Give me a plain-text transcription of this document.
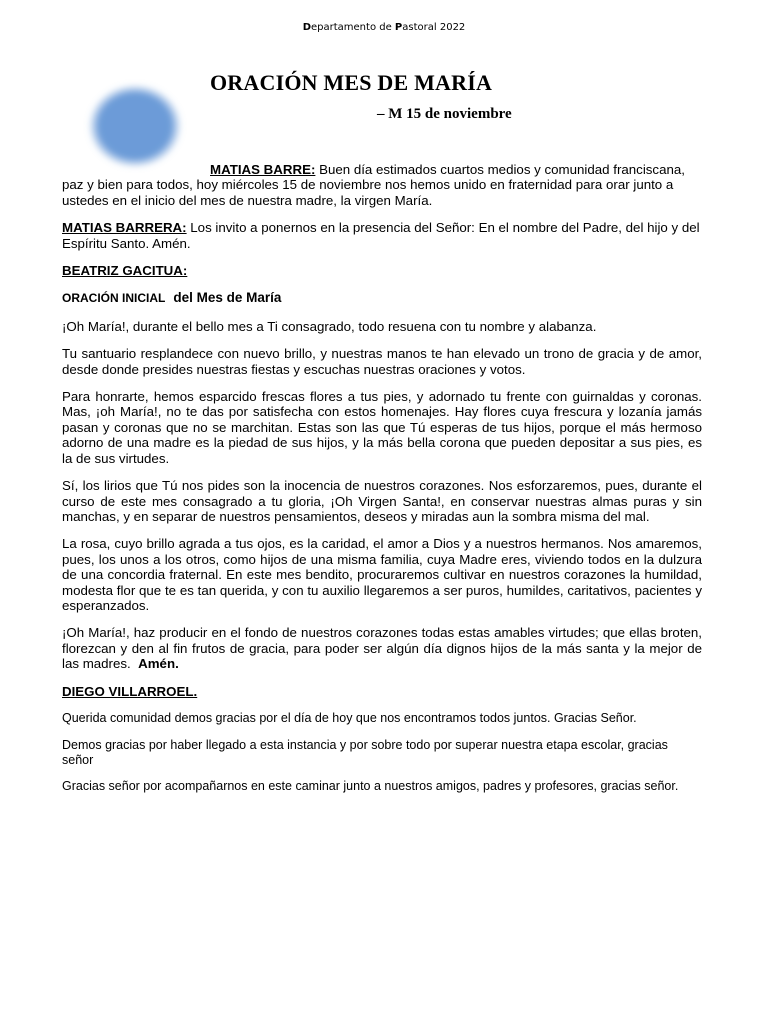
Departamento de Pastoral 2022
ORACIÓN MES DE MARÍA
– M 15 de noviembre

MATIAS BARRE: Buen día estimados cuartos medios y comunidad franciscana, paz y bien para todos, hoy miércoles 15 de noviembre nos hemos unido en fraternidad para orar junto a ustedes en el inicio del mes de nuestra madre, la virgen María.

MATIAS BARRERA: Los invito a ponernos en la presencia del Señor: En el nombre del Padre, del hijo y del Espíritu Santo. Amén.

BEATRIZ GACITUA:

ORACIÓN INICIAL del Mes de María

¡Oh María!, durante el bello mes a Ti consagrado, todo resuena con tu nombre y alabanza.

Tu santuario resplandece con nuevo brillo, y nuestras manos te han elevado un trono de gracia y de amor, desde donde presides nuestras fiestas y escuchas nuestras oraciones y votos.

Para honrarte, hemos esparcido frescas flores a tus pies, y adornado tu frente con guirnaldas y coronas. Mas, ¡oh María!, no te das por satisfecha con estos homenajes. Hay flores cuya frescura y lozanía jamás pasan y coronas que no se marchitan. Estas son las que Tú esperas de tus hijos, porque el más hermoso adorno de una madre es la piedad de sus hijos, y la más bella corona que pueden depositar a sus pies, es la de sus virtudes.

Sí, los lirios que Tú nos pides son la inocencia de nuestros corazones. Nos esforzaremos, pues, durante el curso de este mes consagrado a tu gloria, ¡Oh Virgen Santa!, en conservar nuestras almas puras y sin manchas, y en separar de nuestros pensamientos, deseos y miradas aun la sombra misma del mal.

La rosa, cuyo brillo agrada a tus ojos, es la caridad, el amor a Dios y a nuestros hermanos. Nos amaremos, pues, los unos a los otros, como hijos de una misma familia, cuya Madre eres, viviendo todos en la dulzura de una concordia fraternal. En este mes bendito, procuraremos cultivar en nuestros corazones la humildad, modesta flor que te es tan querida, y con tu auxilio llegaremos a ser puros, humildes, caritativos, pacientes y esperanzados.

¡Oh María!, haz producir en el fondo de nuestros corazones todas estas amables virtudes; que ellas broten, florezcan y den al fin frutos de gracia, para poder ser algún día dignos hijos de la más santa y la mejor de las madres. Amén.

DIEGO VILLARROEL.

Querida comunidad demos gracias por el día de hoy que nos encontramos todos juntos. Gracias Señor.

Demos gracias por haber llegado a esta instancia y por sobre todo por superar nuestra etapa escolar, gracias señor

Gracias señor por acompañarnos en este caminar junto a nuestros amigos, padres y profesores, gracias señor.
